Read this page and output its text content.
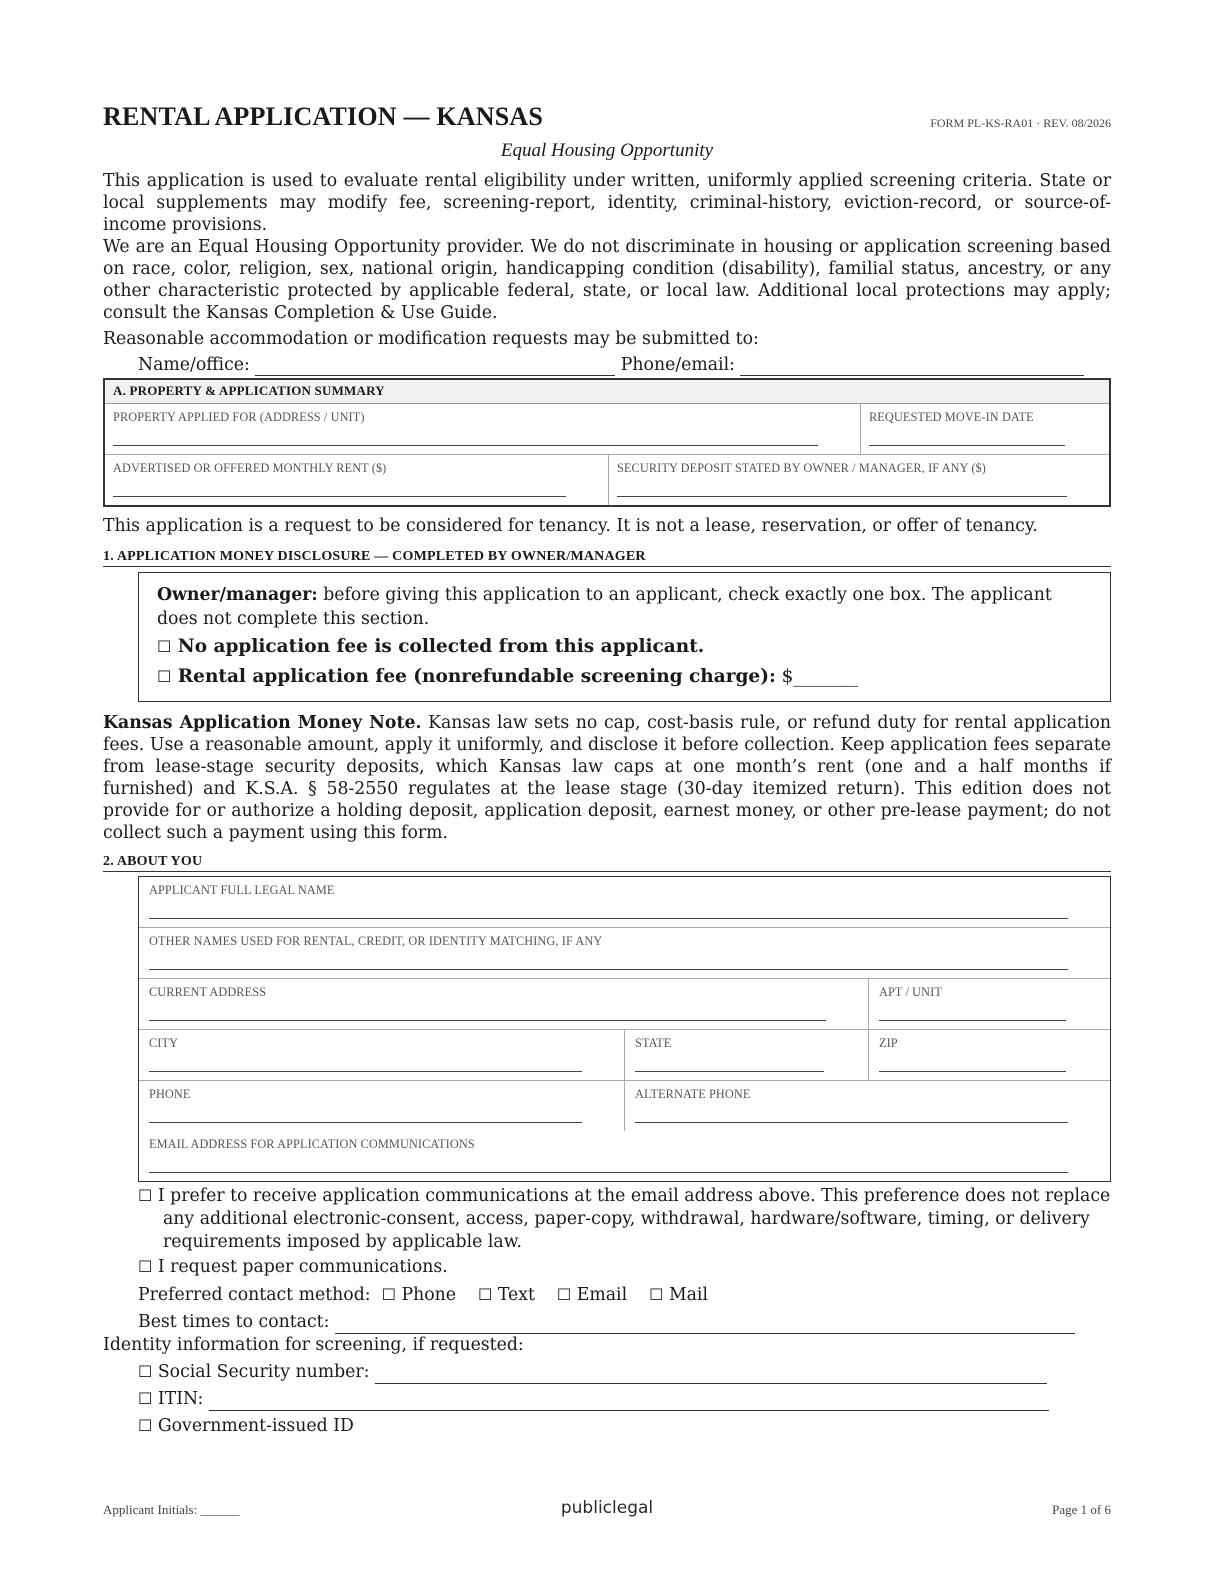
RENTAL APPLICATION — KANSAS	FORM PL-KS-RA01 · REV. 08/2026
Equal Housing Opportunity

This application is used to evaluate rental eligibility under written, uniformly applied screening criteria. State or local supplements may modify fee, screening-report, identity, criminal-history, eviction-record, or source-of-income provisions.

We are an Equal Housing Opportunity provider. We do not discriminate in housing or application screening based on race, color, religion, sex, national origin, handicapping condition (disability), familial status, ancestry, or any other characteristic protected by applicable federal, state, or local law. Additional local protections may apply; consult the Kansas Completion & Use Guide.

Reasonable accommodation or modification requests may be submitted to:

Name/office:	Phone/email:
A. PROPERTY & APPLICATION SUMMARY
PROPERTY APPLIED FOR (ADDRESS / UNIT)	REQUESTED MOVE-IN DATE
ADVERTISED OR OFFERED MONTHLY RENT ($)	SECURITY DEPOSIT STATED BY OWNER / MANAGER, IF ANY ($)
This application is a request to be considered for tenancy. It is not a lease, reservation, or offer of tenancy.
1. APPLICATION MONEY DISCLOSURE — COMPLETED BY OWNER/MANAGER

Owner/manager: before giving this application to an applicant, check exactly one box. The applicant does not complete this section.

☐ No application fee is collected from this applicant.
☐ Rental application fee (nonrefundable screening charge): $_______

Kansas Application Money Note. Kansas law sets no cap, cost-basis rule, or refund duty for rental application fees. Use a reasonable amount, apply it uniformly, and disclose it before collection. Keep application fees separate from lease-stage security deposits, which Kansas law caps at one month’s rent (one and a half months if furnished) and K.S.A. § 58-2550 regulates at the lease stage (30-day itemized return). This edition does not provide for or authorize a holding deposit, application deposit, earnest money, or other pre-lease payment; do not collect such a payment using this form.

2. ABOUT YOU
APPLICANT FULL LEGAL NAME
OTHER NAMES USED FOR RENTAL, CREDIT, OR IDENTITY MATCHING, IF ANY
CURRENT ADDRESS	APT / UNIT
CITY	STATE	ZIP
PHONE	ALTERNATE PHONE
EMAIL ADDRESS FOR APPLICATION COMMUNICATIONS
☐ I prefer to receive application communications at the email address above. This preference does not replace any additional electronic-consent, access, paper-copy, withdrawal, hardware/software, timing, or delivery requirements imposed by applicable law.
☐ I request paper communications.
Preferred contact method: ☐ Phone ☐ Text ☐ Email ☐ Mail
Best times to contact:
Identity information for screening, if requested:
☐ Social Security number:
☐ ITIN:
☐ Government-issued ID
Applicant Initials: ______	publiclegal	Page 1 of 6
